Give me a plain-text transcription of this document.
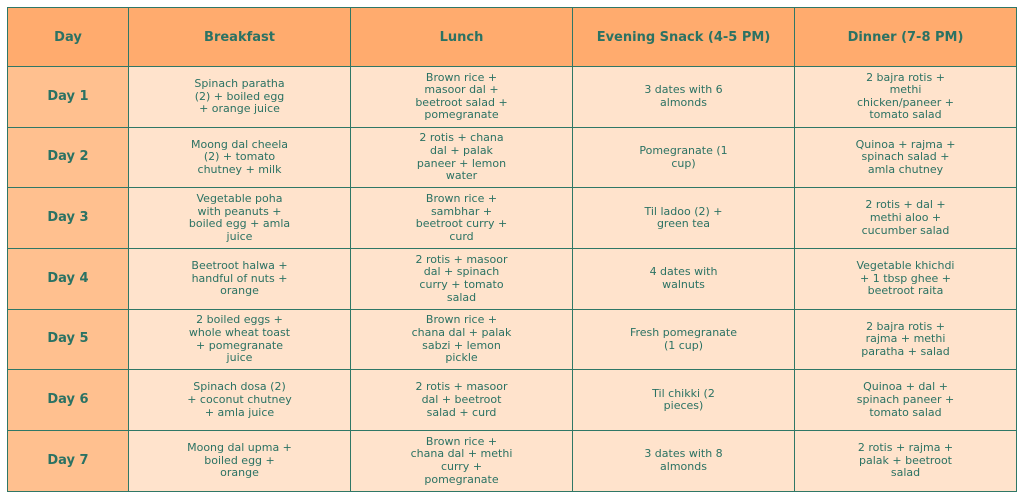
Day	Breakfast	Lunch	Evening Snack (4-5 PM)	Dinner (7-8 PM)
Day 1	Spinach paratha
(2) + boiled egg
+ orange juice	Brown rice +
masoor dal +
beetroot salad +
pomegranate	3 dates with 6
almonds	2 bajra rotis +
methi
chicken/paneer +
tomato salad
Day 2	Moong dal cheela
(2) + tomato
chutney + milk	2 rotis + chana
dal + palak
paneer + lemon
water	Pomegranate (1
cup)	Quinoa + rajma +
spinach salad +
amla chutney
Day 3	Vegetable poha
with peanuts +
boiled egg + amla
juice	Brown rice +
sambhar +
beetroot curry +
curd	Til ladoo (2) +
green tea	2 rotis + dal +
methi aloo +
cucumber salad
Day 4	Beetroot halwa +
handful of nuts +
orange	2 rotis + masoor
dal + spinach
curry + tomato
salad	4 dates with
walnuts	Vegetable khichdi
+ 1 tbsp ghee +
beetroot raita
Day 5	2 boiled eggs +
whole wheat toast
+ pomegranate
juice	Brown rice +
chana dal + palak
sabzi + lemon
pickle	Fresh pomegranate
(1 cup)	2 bajra rotis +
rajma + methi
paratha + salad
Day 6	Spinach dosa (2)
+ coconut chutney
+ amla juice	2 rotis + masoor
dal + beetroot
salad + curd	Til chikki (2
pieces)	Quinoa + dal +
spinach paneer +
tomato salad
Day 7	Moong dal upma +
boiled egg +
orange	Brown rice +
chana dal + methi
curry +
pomegranate	3 dates with 8
almonds	2 rotis + rajma +
palak + beetroot
salad
